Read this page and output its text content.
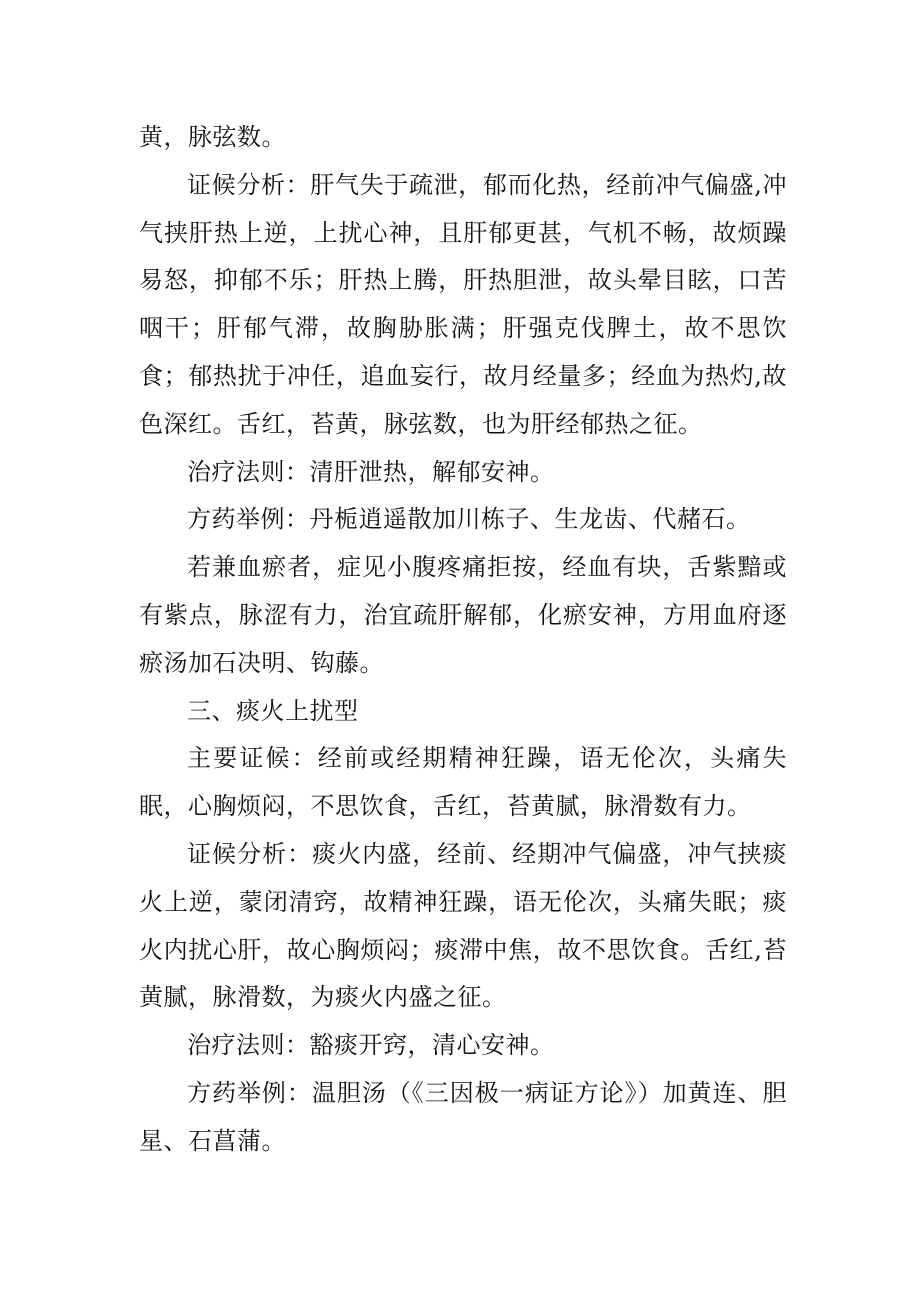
黄，脉弦数。

证候分析：肝气失于疏泄，郁而化热，经前冲气偏盛,冲气挟肝热上逆，上扰心神，且肝郁更甚，气机不畅，故烦躁易怒，抑郁不乐；肝热上腾，肝热胆泄，故头晕目眩，口苦咽干；肝郁气滞，故胸胁胀满；肝强克伐脾土，故不思饮食；郁热扰于冲任，追血妄行，故月经量多；经血为热灼,故色深红。舌红，苔黄，脉弦数，也为肝经郁热之征。

治疗法则：清肝泄热，解郁安神。

方药举例：丹栀逍遥散加川栋子、生龙齿、代赭石。

若兼血瘀者，症见小腹疼痛拒按，经血有块，舌紫黯或有紫点，脉涩有力，治宜疏肝解郁，化瘀安神，方用血府逐瘀汤加石决明、钩藤。

三、痰火上扰型

主要证候：经前或经期精神狂躁，语无伦次，头痛失眠，心胸烦闷，不思饮食，舌红，苔黄腻，脉滑数有力。

证候分析：痰火内盛，经前、经期冲气偏盛，冲气挟痰火上逆，蒙闭清窍，故精神狂躁，语无伦次，头痛失眠；痰火内扰心肝，故心胸烦闷；痰滞中焦，故不思饮食。舌红,苔黄腻，脉滑数，为痰火内盛之征。

治疗法则：豁痰开窍，清心安神。

方药举例：温胆汤（《三因极一病证方论》）加黄连、胆星、石菖蒲。
